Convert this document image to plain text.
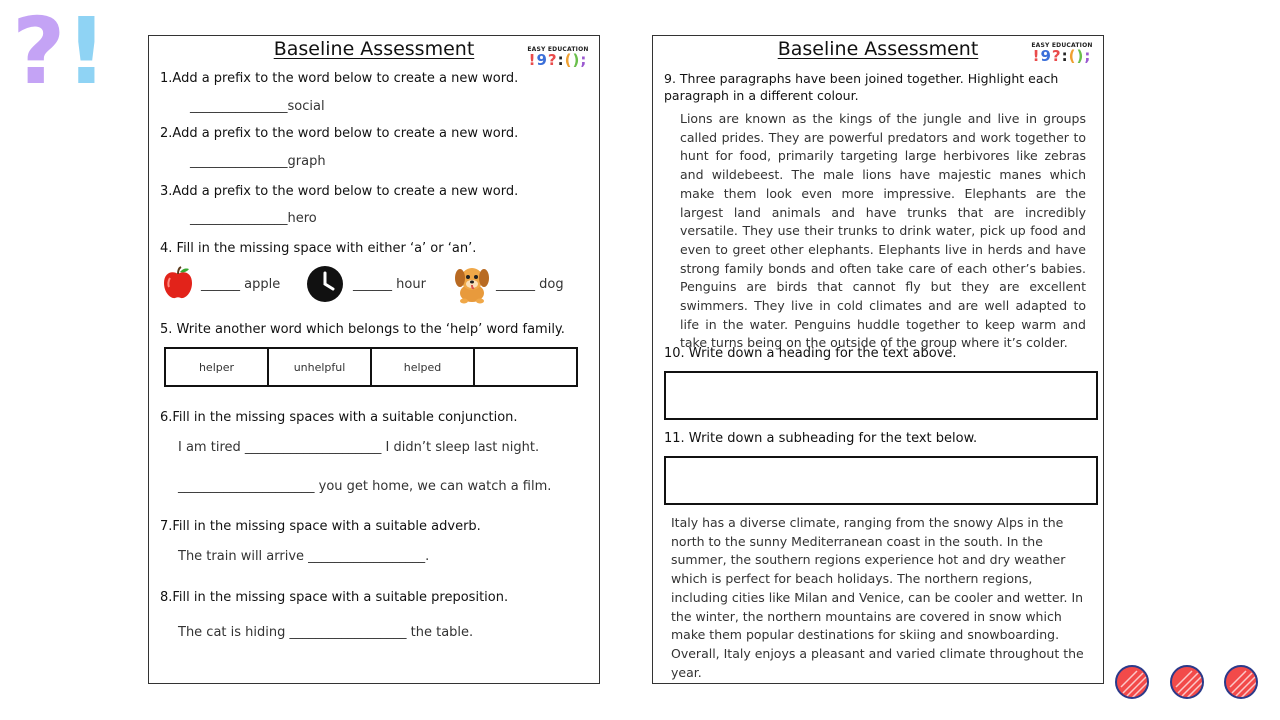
?!	Baseline Assessment	EASY EDUCATION
!9?:();
1.Add a prefix to the word below to create a new word.
_______________social
2.Add a prefix to the word below to create a new word.
_______________graph
3.Add a prefix to the word below to create a new word.
_______________hero
4. Fill in the missing space with either ‘a’ or ‘an’.
______ apple	______ hour	______ dog
5. Write another word which belongs to the ‘help’ word family.
helper	unhelpful	helped
6.Fill in the missing spaces with a suitable conjunction.
I am tired _____________________ I didn’t sleep last night.
_____________________ you get home, we can watch a film.
7.Fill in the missing space with a suitable adverb.
The train will arrive __________________.
8.Fill in the missing space with a suitable preposition.
The cat is hiding __________________ the table.
Baseline Assessment	EASY EDUCATION
!9?:();
9. Three paragraphs have been joined together. Highlight each paragraph in a different colour.
Lions are known as the kings of the jungle and live in groups called prides. They are powerful predators and work together to hunt for food, primarily targeting large herbivores like zebras and wildebeest. The male lions have majestic manes which make them look even more impressive. Elephants are the largest land animals and have trunks that are incredibly versatile. They use their trunks to drink water, pick up food and even to greet other elephants. Elephants live in herds and have strong family bonds and often take care of each other’s babies. Penguins are birds that cannot fly but they are excellent swimmers. They live in cold climates and are well adapted to life in the water. Penguins huddle together to keep warm and take turns being on the outside of the group where it’s colder.
10. Write down a heading for the text above.
11. Write down a subheading for the text below.
Italy has a diverse climate, ranging from the snowy Alps in the north to the sunny Mediterranean coast in the south. In the summer, the southern regions experience hot and dry weather which is perfect for beach holidays. The northern regions, including cities like Milan and Venice, can be cooler and wetter. In the winter, the northern mountains are covered in snow which make them popular destinations for skiing and snowboarding. Overall, Italy enjoys a pleasant and varied climate throughout the year.
